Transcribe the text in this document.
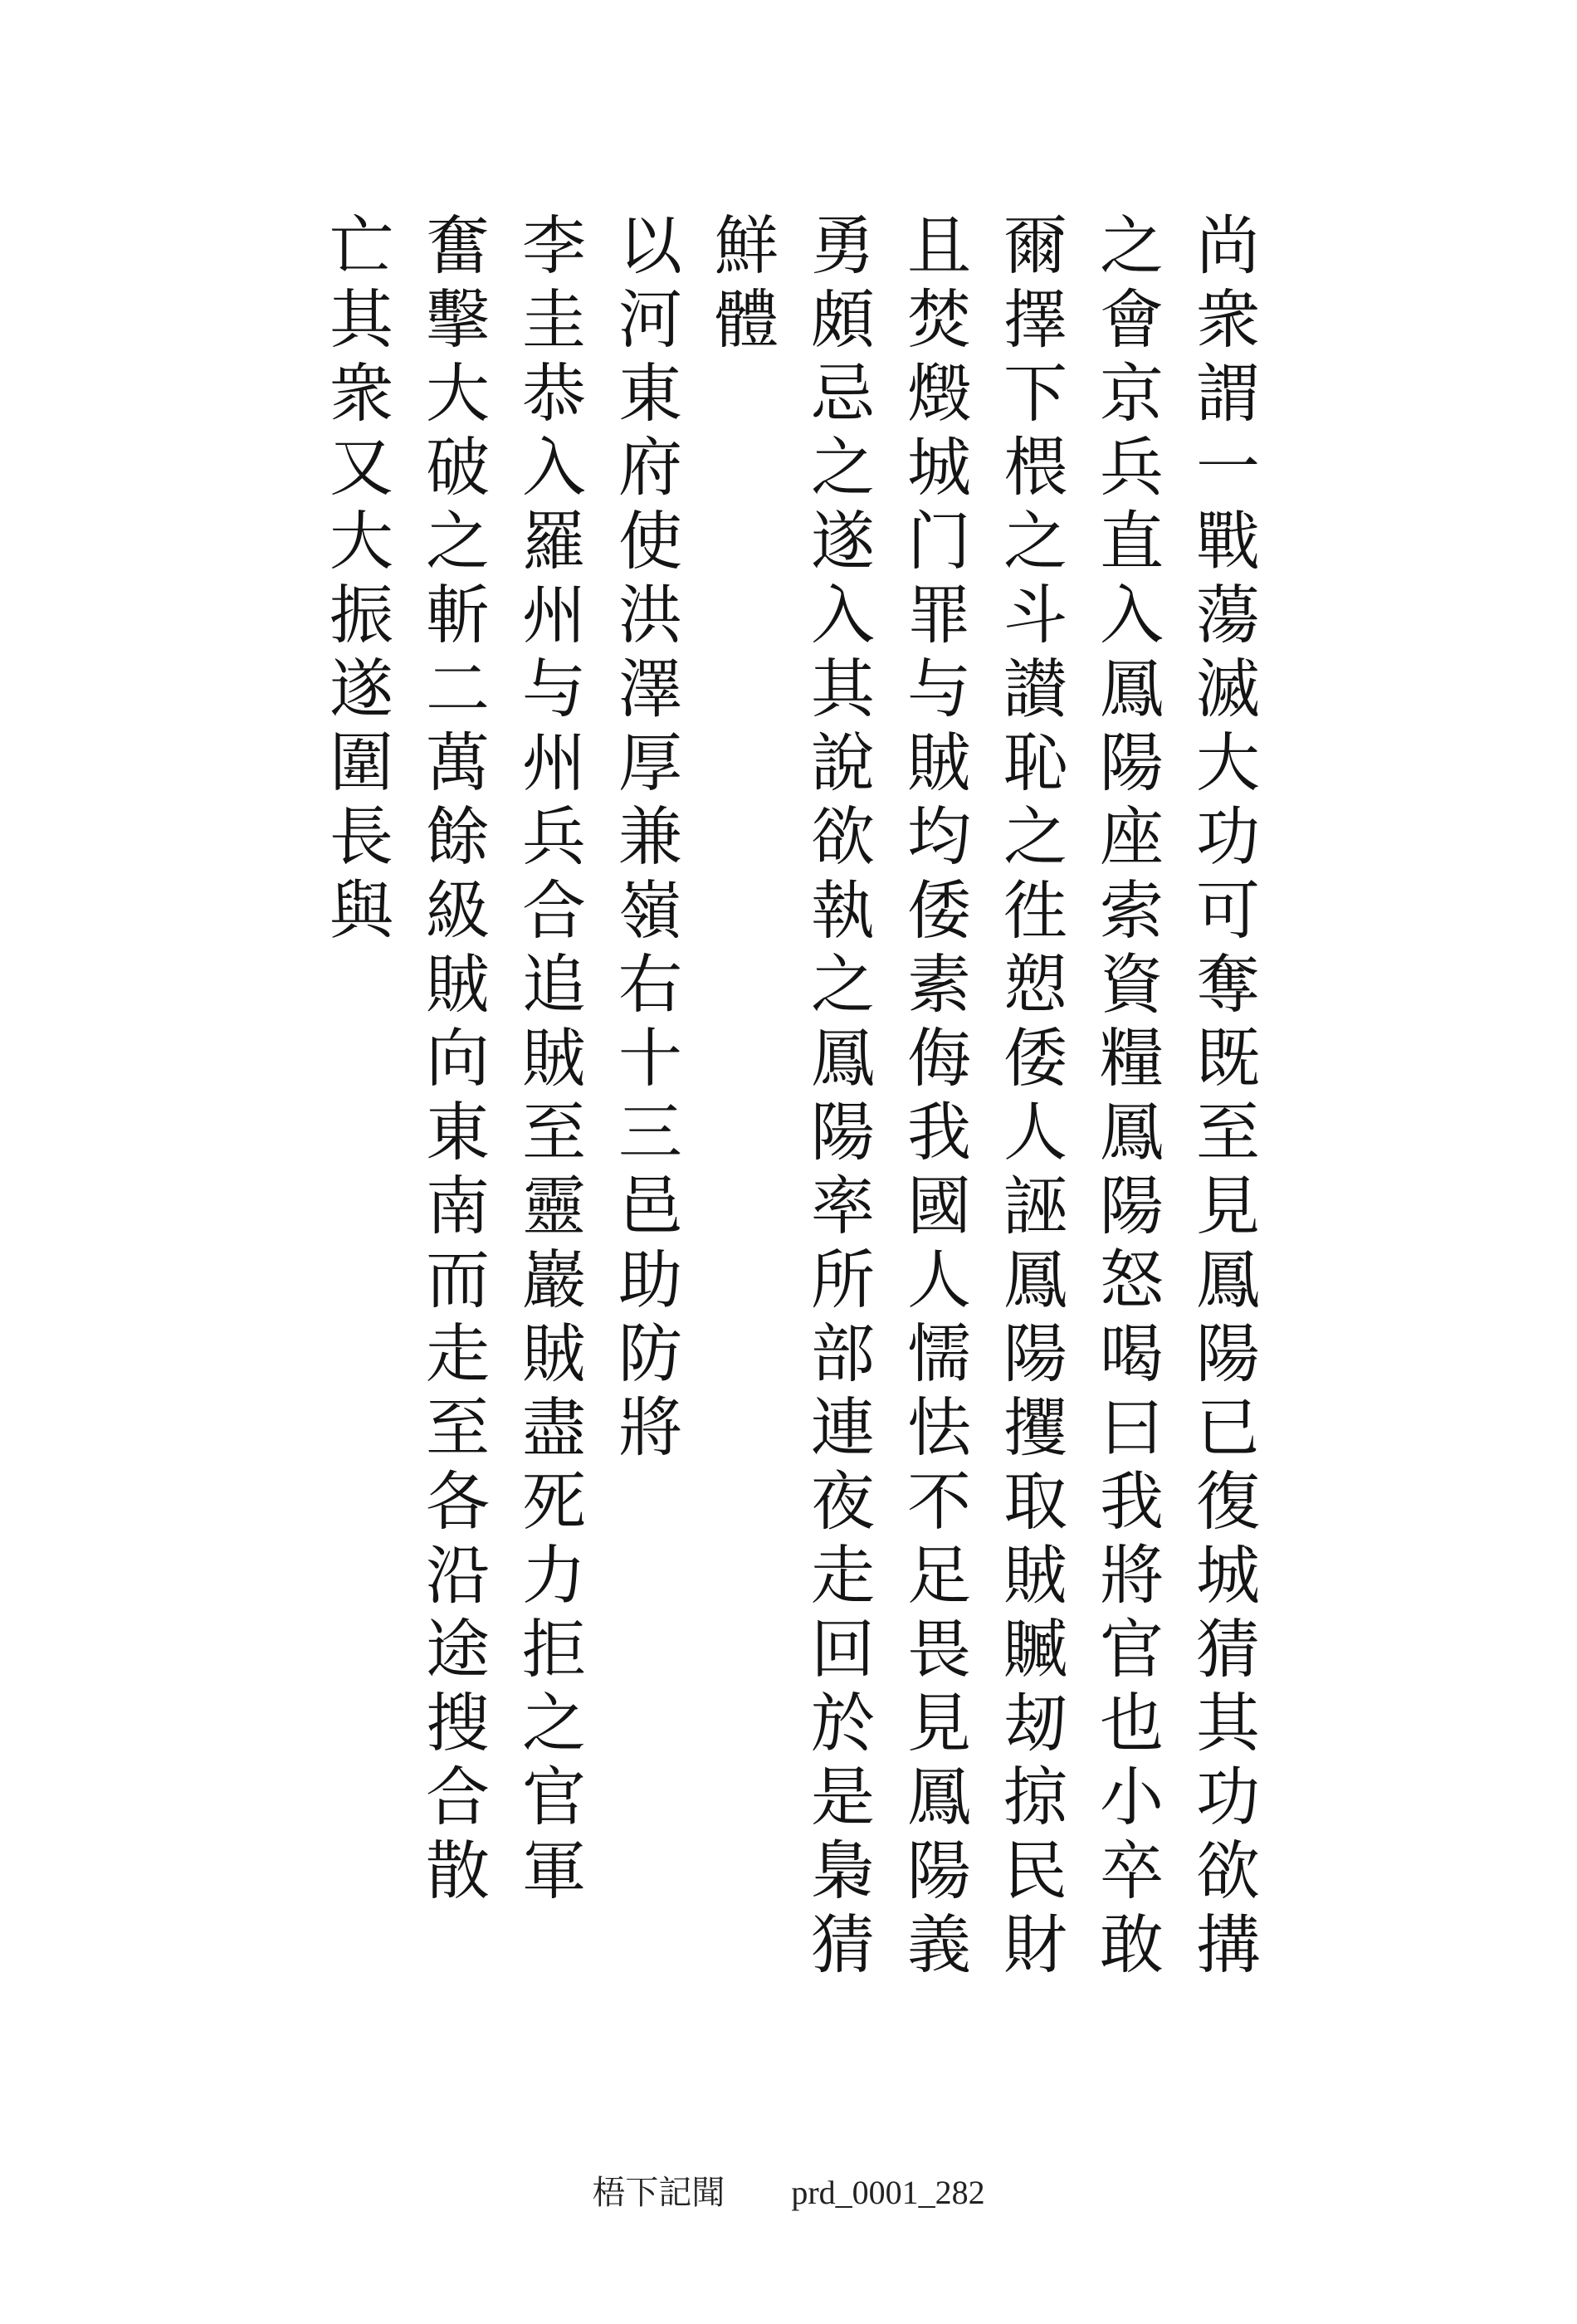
尚衆謂一戰蕩滅大功可奪既至見鳳陽已復城猜其功欲搆

之會京兵直入鳳陽座索資糧鳳陽怒喝曰我將官也小卒敢

爾擇下椳之斗讃恥之徃愬倭人誣鳳陽攫取賊贓刼掠民財

且焚燬城门罪与賊均倭素侮我國人懦怯不足畏見鳳陽義

勇頗忌之遂入其說欲執之鳳陽率所部連夜走回於是梟猜

鮮體

以河東府使洪澤厚兼嶺右十三邑助防將

李圭恭入羅州与州兵合追賊至靈巖賊盡死力拒之官軍

奮擊大破之斬二萬餘級賊向東南而走至各沿途搜合散

亡其衆又大振遂圍長與

梧下記聞 prd_0001_282
